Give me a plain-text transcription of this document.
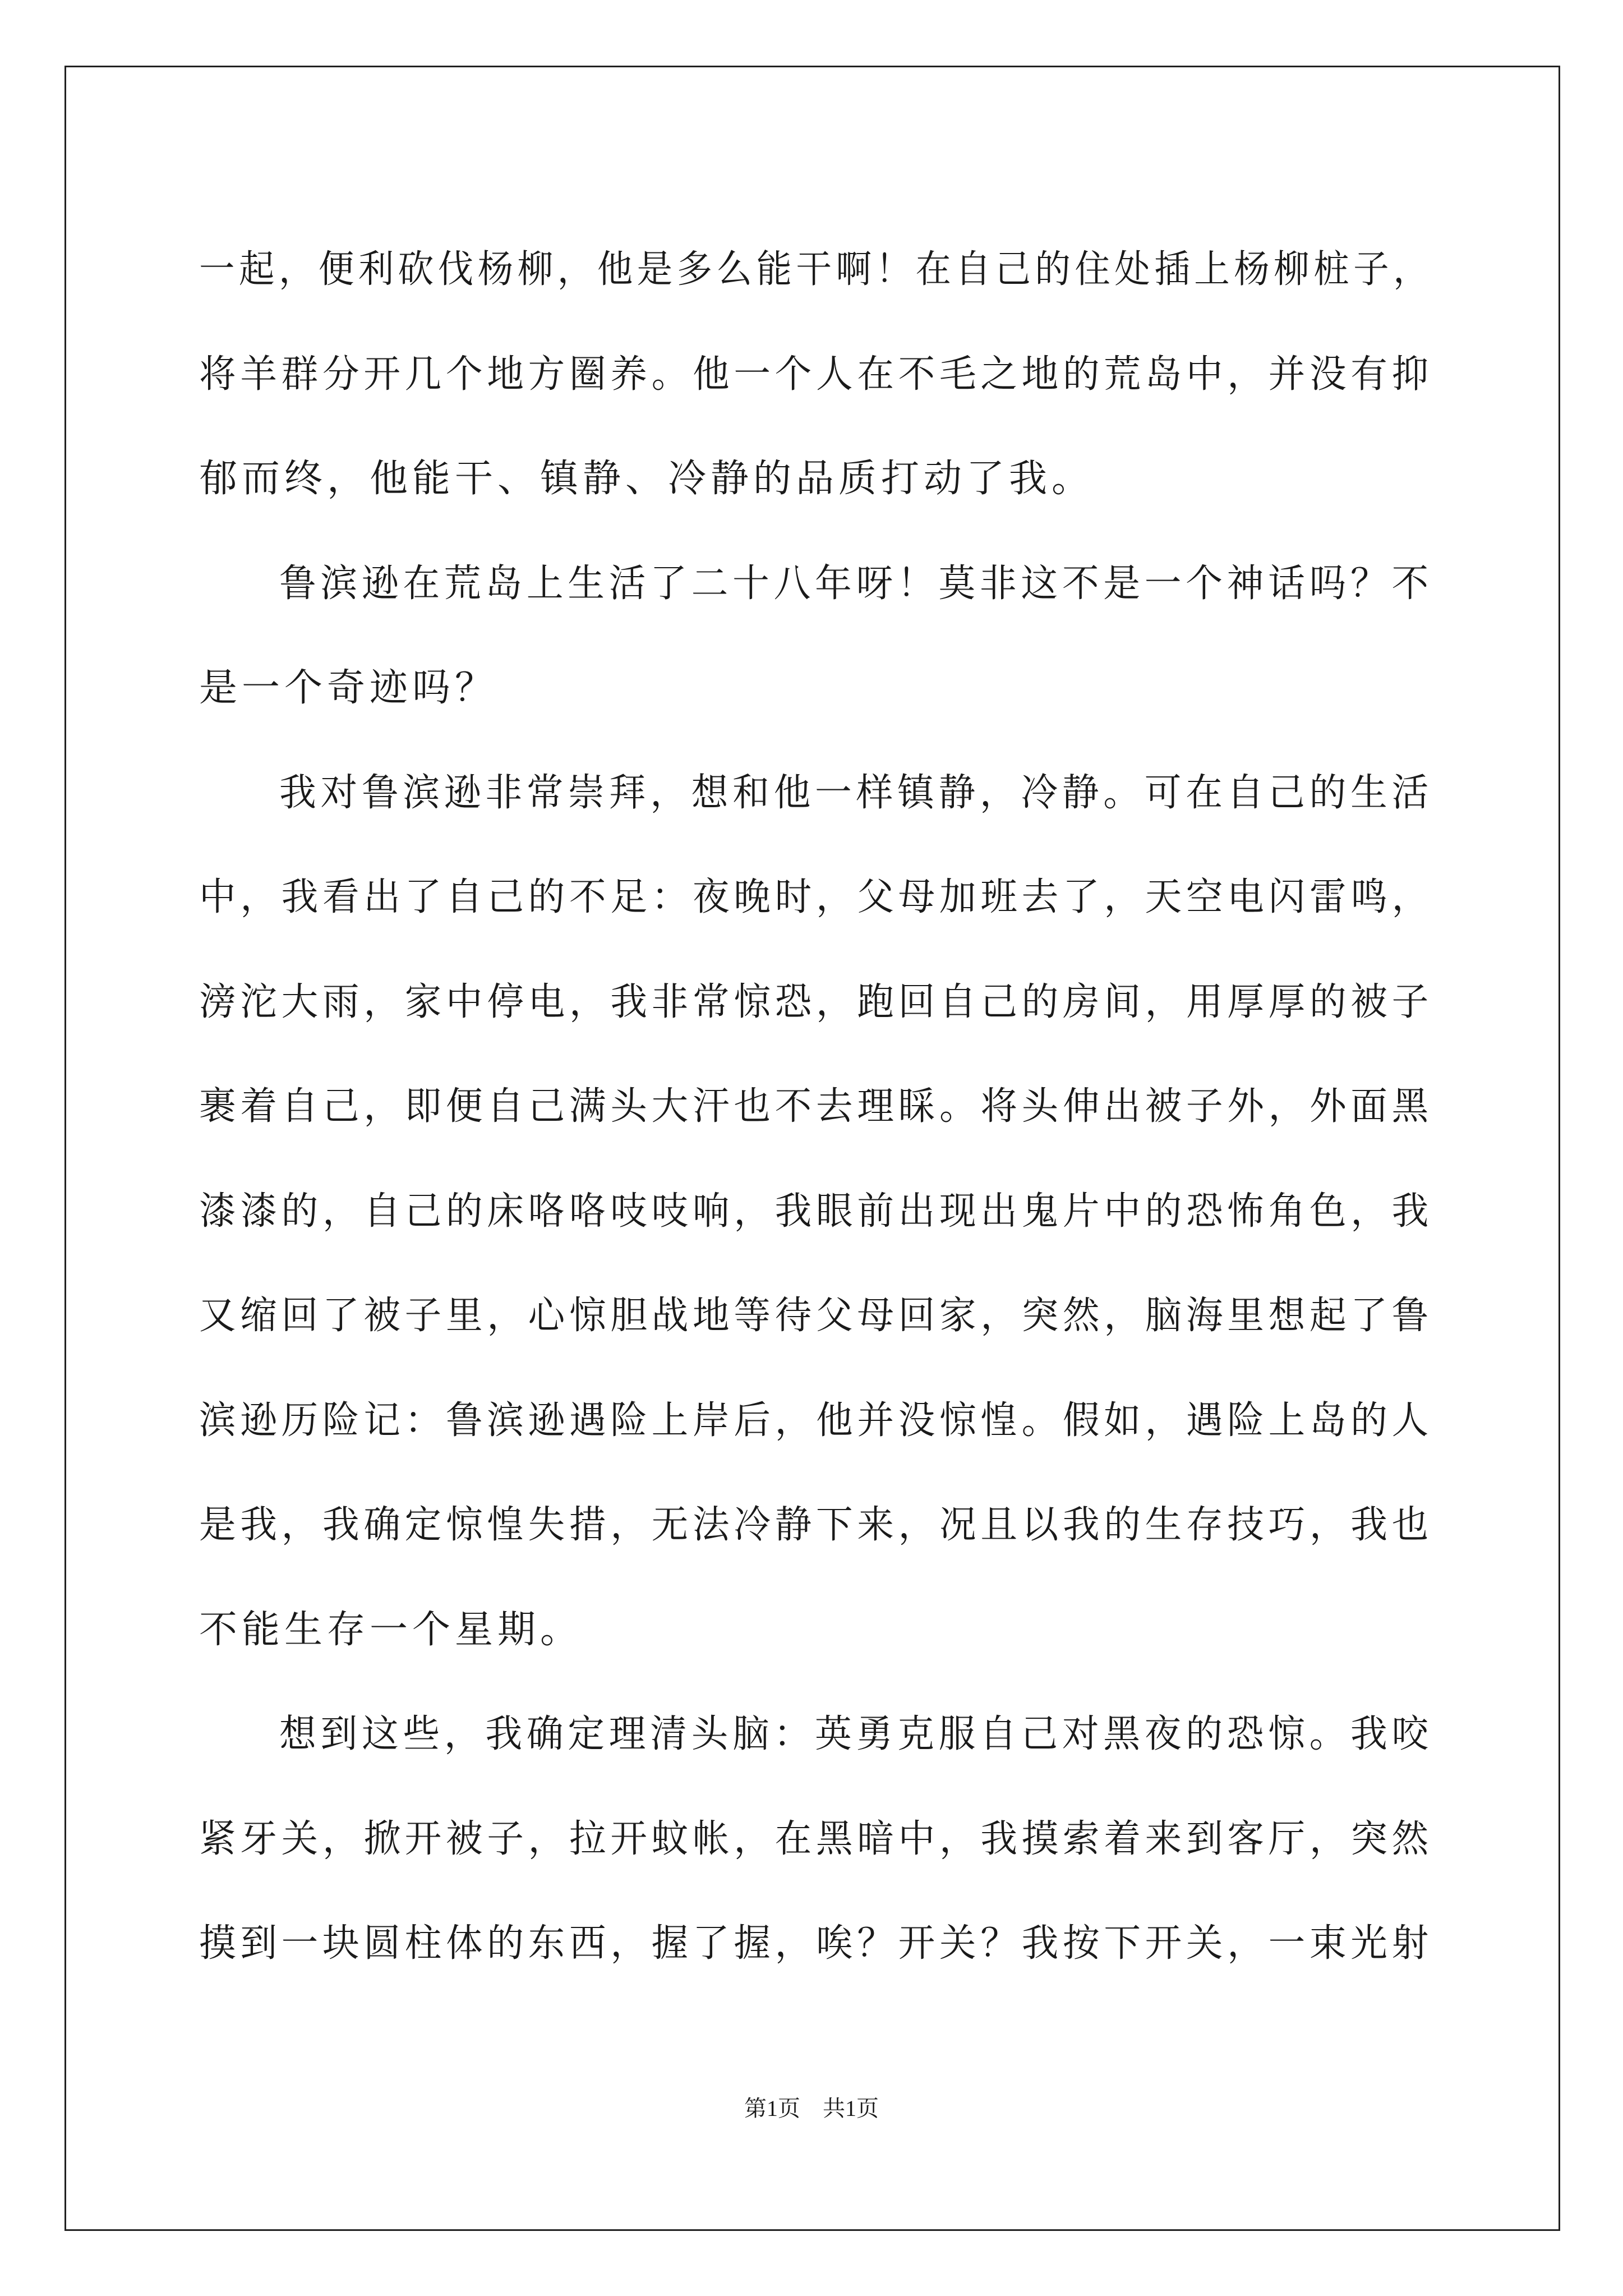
一起，便利砍伐杨柳，他是多么能干啊！在自己的住处插上杨柳桩子，
将羊群分开几个地方圈养。他一个人在不毛之地的荒岛中，并没有抑
郁而终，他能干、镇静、冷静的品质打动了我。
鲁滨逊在荒岛上生活了二十八年呀！莫非这不是一个神话吗？不
是一个奇迹吗？
我对鲁滨逊非常崇拜，想和他一样镇静，冷静。可在自己的生活
中，我看出了自己的不足：夜晚时，父母加班去了，天空电闪雷鸣，
滂沱大雨，家中停电，我非常惊恐，跑回自己的房间，用厚厚的被子
裹着自己，即便自己满头大汗也不去理睬。将头伸出被子外，外面黑
漆漆的，自己的床咯咯吱吱响，我眼前出现出鬼片中的恐怖角色，我
又缩回了被子里，心惊胆战地等待父母回家，突然，脑海里想起了鲁
滨逊历险记：鲁滨逊遇险上岸后，他并没惊惶。假如，遇险上岛的人
是我，我确定惊惶失措，无法冷静下来，况且以我的生存技巧，我也
不能生存一个星期。
想到这些，我确定理清头脑：英勇克服自己对黑夜的恐惊。我咬
紧牙关，掀开被子，拉开蚊帐，在黑暗中，我摸索着来到客厅，突然
摸到一块圆柱体的东西，握了握，唉？开关？我按下开关，一束光射
第1页　共1页
